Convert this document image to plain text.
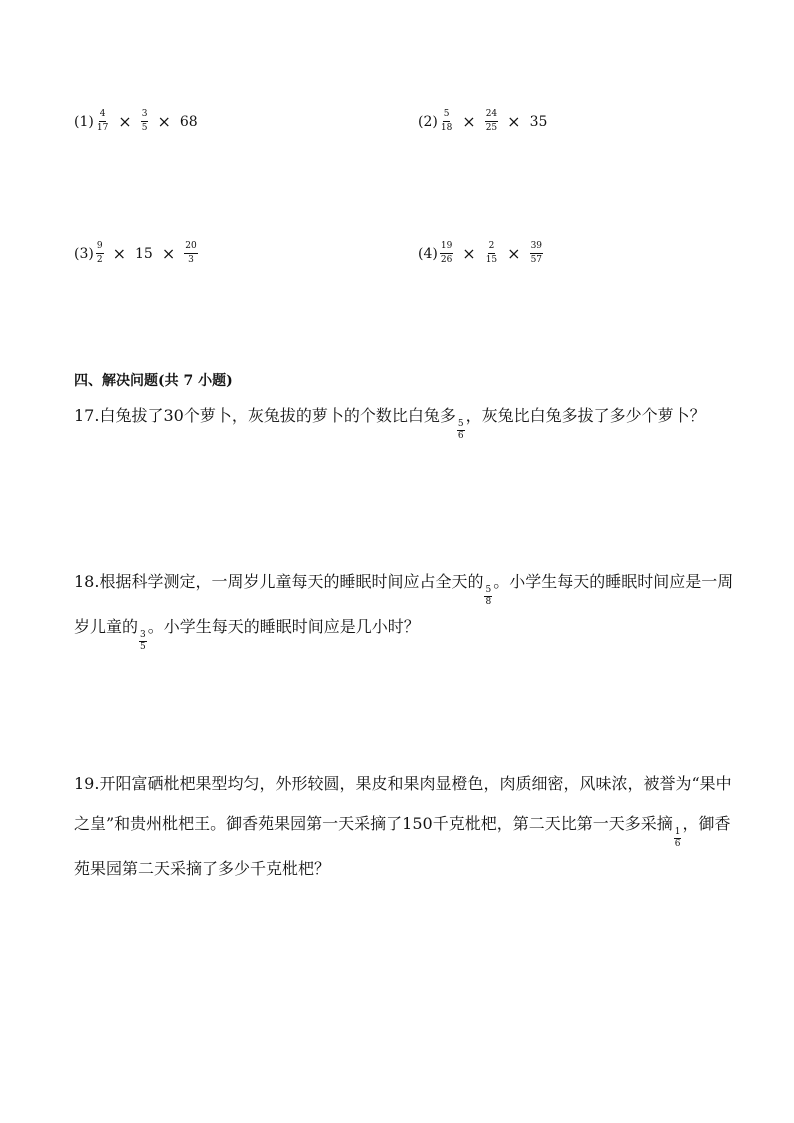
$(1) \frac{4}{17} \times \frac{3}{5} \times 68$	$(2) \frac{5}{18} \times \frac{24}{25} \times 35$
$(3) \frac{9}{2} \times 15 \times \frac{20}{3}$	$(4) \frac{19}{26} \times \frac{2}{15} \times \frac{39}{57}$
四、解决问题(共 7 小题)
17.白兔拔了30个萝卜，灰兔拔的萝卜的个数比白兔多
$\frac{5}{6}$
，灰兔比白兔多拔了多少个萝卜？
18.根据科学测定，一周岁儿童每天的睡眠时间应占全天的
$\frac{5}{8}$
。小学生每天的睡眠时间应是一周岁儿童的
$\frac{3}{5}$
。小学生每天的睡眠时间应是几小时？
19.开阳富硒枇杷果型均匀，外形较圆，果皮和果肉显橙色，肉质细密，风味浓，被誉为“果中之皇”和贵州枇杷王。御香苑果园第一天采摘了150千克枇杷，第二天比第一天多采摘
$\frac{1}{6}$
，御香苑果园第二天采摘了多少千克枇杷？
